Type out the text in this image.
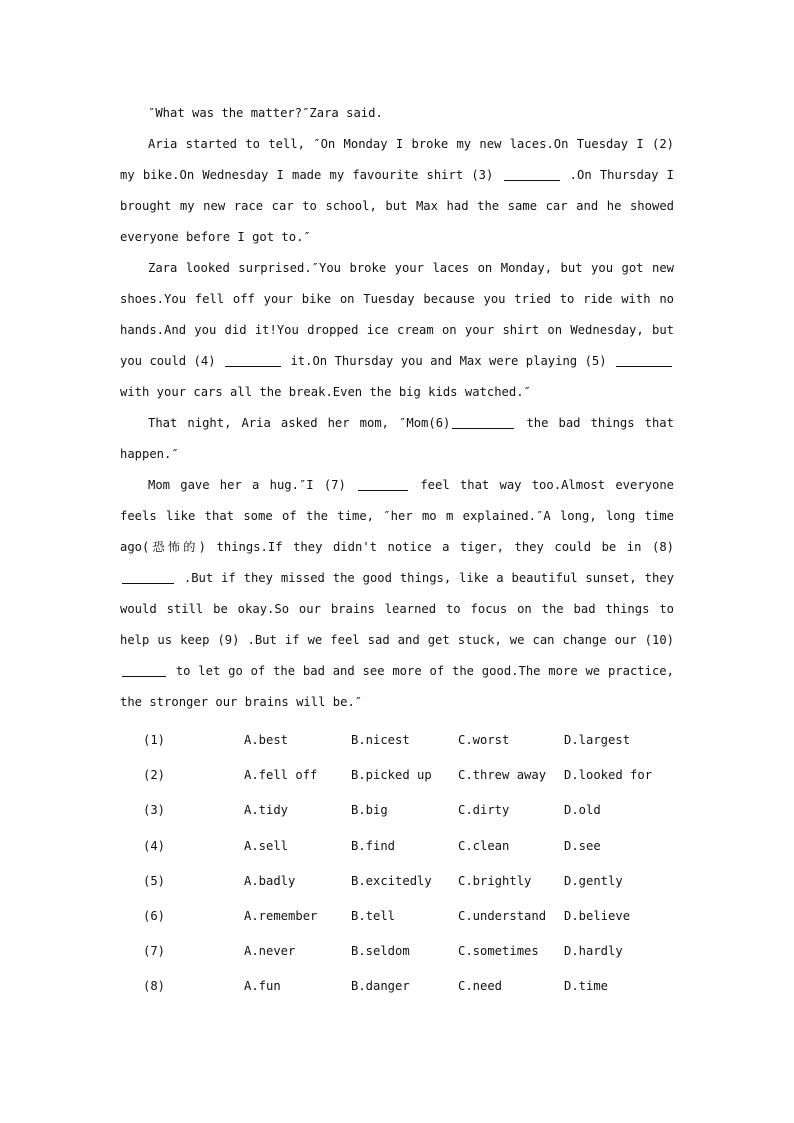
″What was the matter?″Zara said.

Aria started to tell, ″On Monday I broke my new laces.On Tuesday I (2) my bike.On Wednesday I made my favourite shirt (3)	.On Thursday I brought my new race car to school, but Max had the same car and he showed everyone before I got to.″

Zara looked surprised.″You broke your laces on Monday, but you got new shoes.You fell off your bike on Tuesday because you tried to ride with no hands.And you did it!You dropped ice cream on your shirt on Wednesday, but you could (4)	it.On Thursday you and Max were playing (5)  with your cars all the break.Even the big kids watched.″

That night, Aria asked her mom, ″Mom(6)	the bad things that happen.″

Mom gave her a hug.″I (7)	feel that way too.Almost everyone feels like that some of the time, ″her mo m explained.″A long, long time ago(恐怖的) things.If they didn't notice a tiger, they could be in (8)  .But if they missed the good things, like a beautiful sunset, they would still be okay.So our brains learned to focus on the bad things to help us keep (9) .But if we feel sad and get stuck, we can change our (10)  to let go of the bad and see more of the good.The more we practice, the stronger our brains will be.″

(1)	A.best	B.nicest	C.worst	D.largest
(2)	A.fell off	B.picked up C.threw away D.looked for
(3)	A.tidy	B.big	C.dirty	D.old
(4)	A.sell	B.find	C.clean	D.see
(5)	A.badly	B.excitedly C.brightly	D.gently
(6)	A.remember	B.tell	C.understand D.believe
(7)	A.never	B.seldom	C.sometimes D.hardly
(8)	A.fun	B.danger	C.need	D.time
